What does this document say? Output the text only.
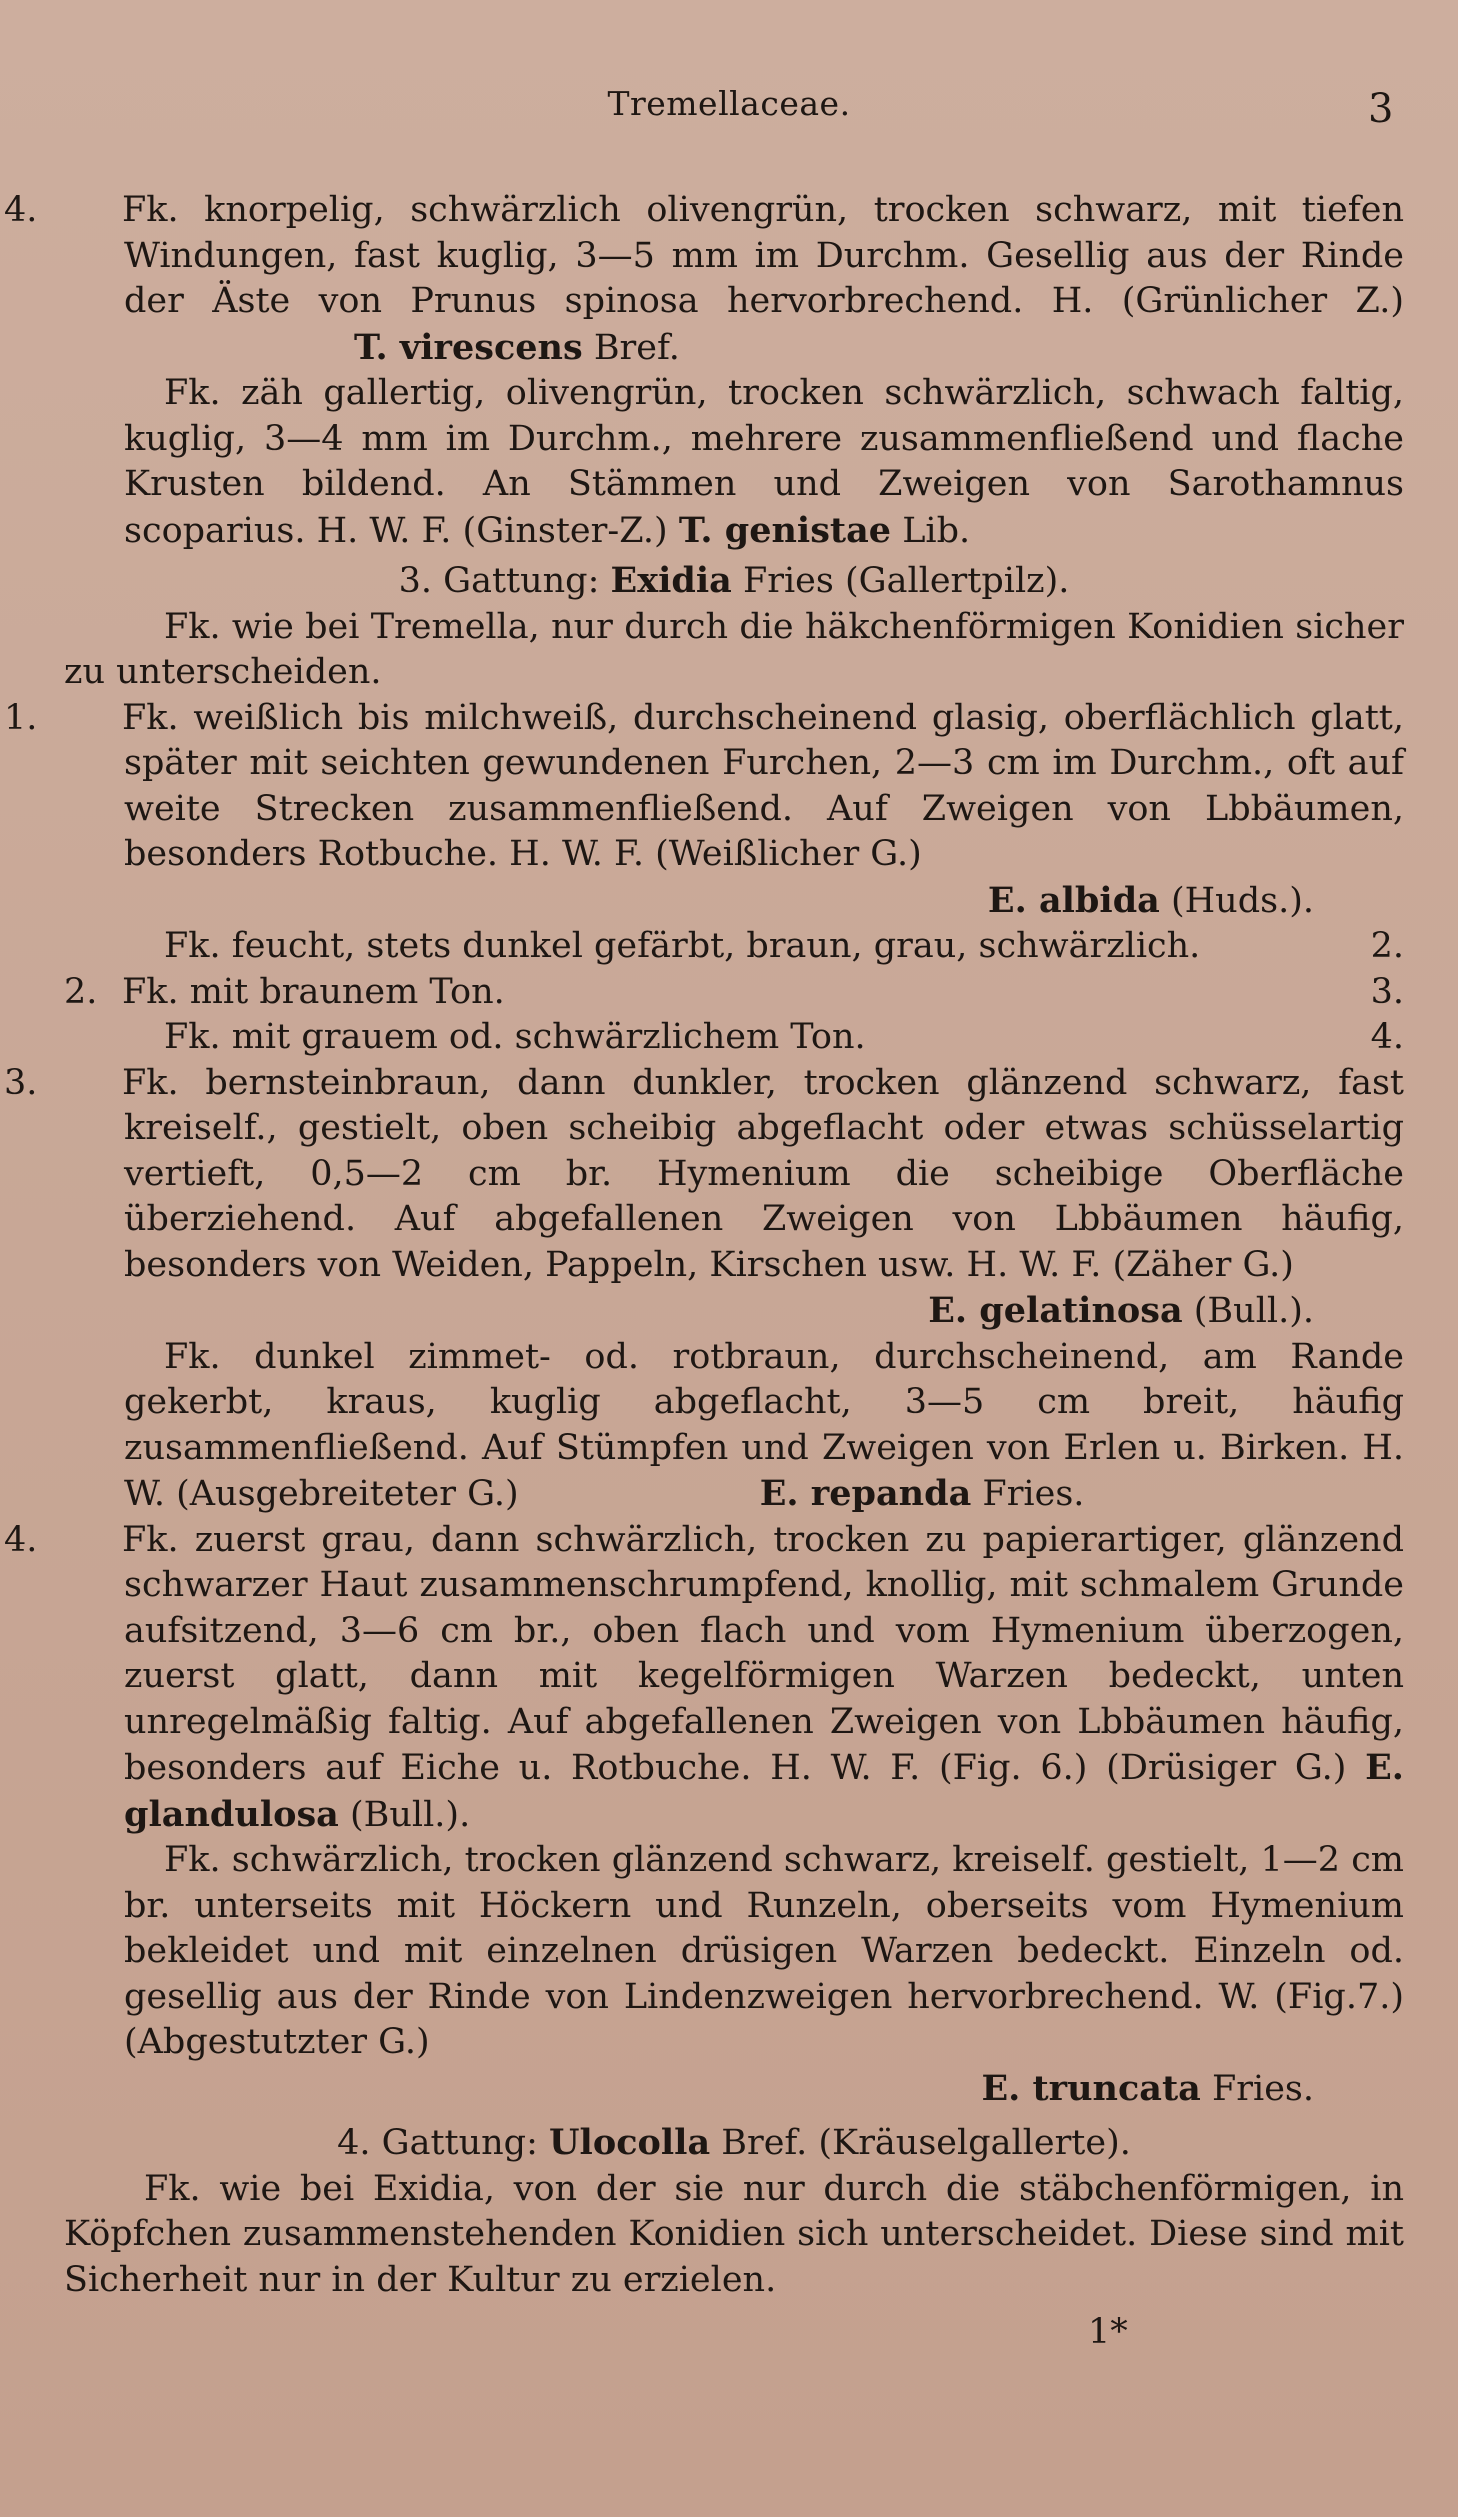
Tremellaceae.	3

4. Fk. knorpelig, schwärzlich olivengrün, trocken schwarz, mit tiefen Windungen, fast kuglig, 3—5 mm im Durchm. Gesellig aus der Rinde der Äste von Prunus spinosa hervorbrechend. H. (Grünlicher Z.) T. virescens Bref.

Fk. zäh gallertig, olivengrün, trocken schwärzlich, schwach faltig, kuglig, 3—4 mm im Durchm., mehrere zusammenfließend und flache Krusten bildend. An Stämmen und Zweigen von Sarothamnus scoparius. H. W. F. (Ginster-Z.) T. genistae Lib.

3. Gattung: Exidia Fries (Gallertpilz).

Fk. wie bei Tremella, nur durch die häkchenförmigen Konidien sicher zu unterscheiden.

1. Fk. weißlich bis milchweiß, durchscheinend glasig, oberflächlich glatt, später mit seichten gewundenen Furchen, 2—3 cm im Durchm., oft auf weite Strecken zusammenfließend. Auf Zweigen von Lbbäumen, besonders Rotbuche. H. W. F. (Weißlicher G.)

E. albida (Huds.).

Fk. feucht, stets dunkel gefärbt, braun, grau, schwärzlich.	2.
2. Fk. mit braunem Ton.	3.
Fk. mit grauem od. schwärzlichem Ton.	4.

3. Fk. bernsteinbraun, dann dunkler, trocken glänzend schwarz, fast kreiself., gestielt, oben scheibig abgeflacht oder etwas schüsselartig vertieft, 0,5—2 cm br. Hymenium die scheibige Oberfläche überziehend. Auf abgefallenen Zweigen von Lbbäumen häufig, besonders von Weiden, Pappeln, Kirschen usw. H. W. F. (Zäher G.)

E. gelatinosa (Bull.).

Fk. dunkel zimmet- od. rotbraun, durchscheinend, am Rande gekerbt, kraus, kuglig abgeflacht, 3—5 cm breit, häufig zusammenfließend. Auf Stümpfen und Zweigen von Erlen u. Birken. H. W. (Ausgebreiteter G.)	E. repanda Fries.

4. Fk. zuerst grau, dann schwärzlich, trocken zu papierartiger, glänzend schwarzer Haut zusammenschrumpfend, knollig, mit schmalem Grunde aufsitzend, 3—6 cm br., oben flach und vom Hymenium überzogen, zuerst glatt, dann mit kegelförmigen Warzen bedeckt, unten unregelmäßig faltig. Auf abgefallenen Zweigen von Lbbäumen häufig, besonders auf Eiche u. Rotbuche. H. W. F. (Fig. 6.) (Drüsiger G.) E. glandulosa (Bull.).

Fk. schwärzlich, trocken glänzend schwarz, kreiself. gestielt, 1—2 cm br. unterseits mit Höckern und Runzeln, oberseits vom Hymenium bekleidet und mit einzelnen drüsigen Warzen bedeckt. Einzeln od. gesellig aus der Rinde von Lindenzweigen hervorbrechend. W. (Fig.7.) (Abgestutzter G.)

E. truncata Fries.

4. Gattung: Ulocolla Bref. (Kräuselgallerte).

Fk. wie bei Exidia, von der sie nur durch die stäbchenförmigen, in Köpfchen zusammenstehenden Konidien sich unterscheidet. Diese sind mit Sicherheit nur in der Kultur zu erzielen.

1*
